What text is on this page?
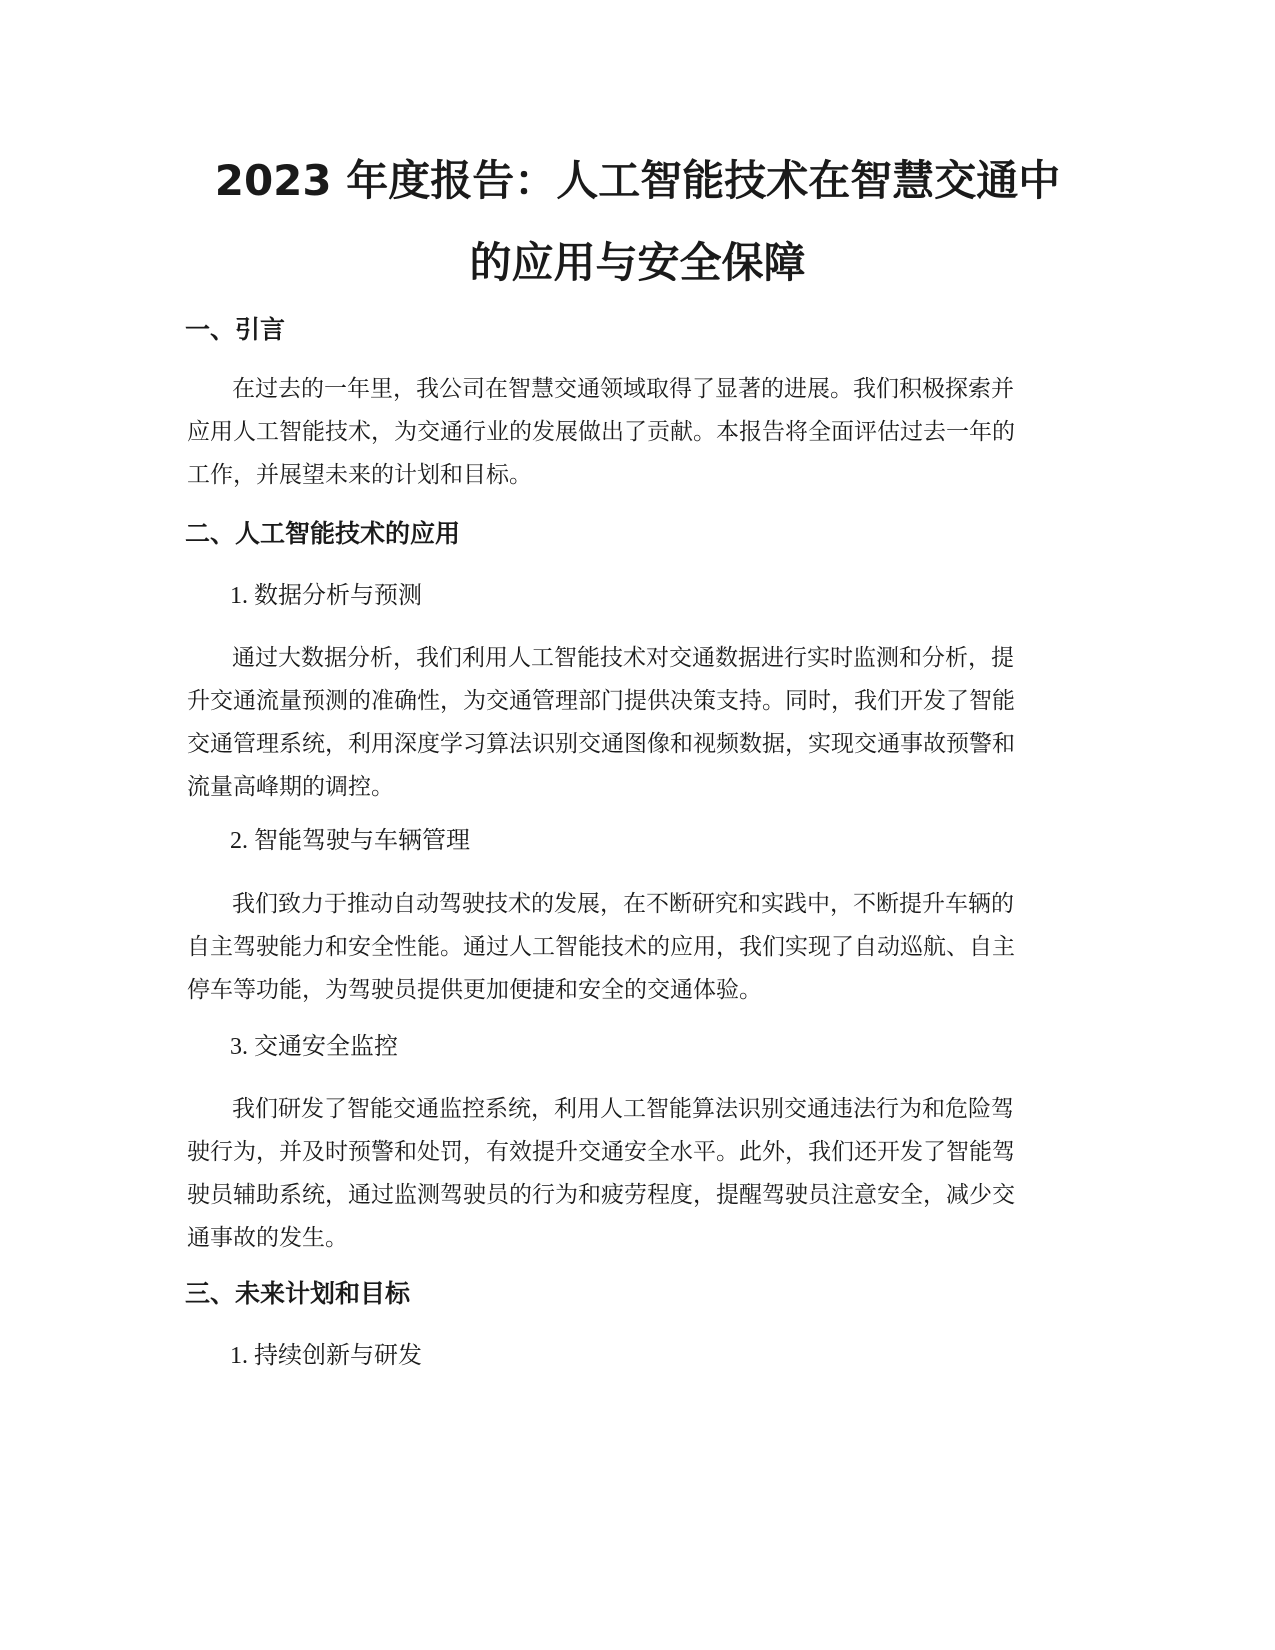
2023 年度报告：人工智能技术在智慧交通中
的应用与安全保障
一、引言
在过去的一年里，我公司在智慧交通领域取得了显著的进展。我们积极探索并
应用人工智能技术，为交通行业的发展做出了贡献。本报告将全面评估过去一年的
工作，并展望未来的计划和目标。
二、人工智能技术的应用
1. 数据分析与预测
通过大数据分析，我们利用人工智能技术对交通数据进行实时监测和分析，提
升交通流量预测的准确性，为交通管理部门提供决策支持。同时，我们开发了智能
交通管理系统，利用深度学习算法识别交通图像和视频数据，实现交通事故预警和
流量高峰期的调控。
2. 智能驾驶与车辆管理
我们致力于推动自动驾驶技术的发展，在不断研究和实践中，不断提升车辆的
自主驾驶能力和安全性能。通过人工智能技术的应用，我们实现了自动巡航、自主
停车等功能，为驾驶员提供更加便捷和安全的交通体验。
3. 交通安全监控
我们研发了智能交通监控系统，利用人工智能算法识别交通违法行为和危险驾
驶行为，并及时预警和处罚，有效提升交通安全水平。此外，我们还开发了智能驾
驶员辅助系统，通过监测驾驶员的行为和疲劳程度，提醒驾驶员注意安全，减少交
通事故的发生。
三、未来计划和目标
1. 持续创新与研发
